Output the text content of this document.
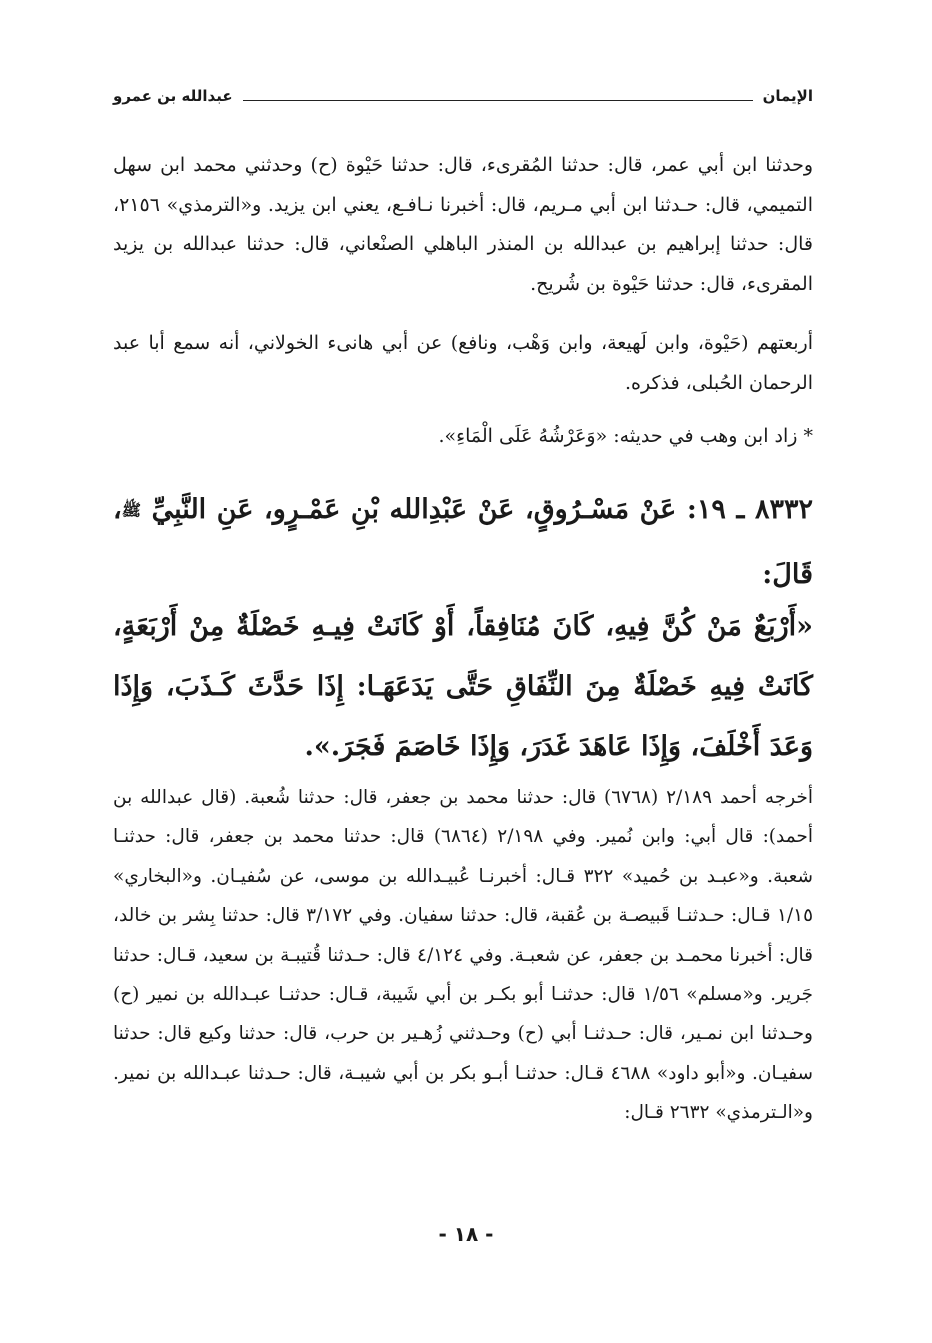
الإيمان
عبدالله بن عمرو

وحدثنا ابن أبي عمر، قال: حدثنا المُقرىء، قال: حدثنا حَيْوة (ح) وحدثني محمد ابن سهل التميمي، قال: حـدثنا ابن أبي مـريم، قال: أخبرنا نـافـع، يعني ابن يزيد. و«الترمذي» ٢١٥٦، قال: حدثنا إبراهيم بن عبدالله بن المنذر الباهلي الصنْعاني، قال: حدثنا عبدالله بن يزيد المقرىء، قال: حدثنا حَيْوة بن شُريح.

أربعتهم (حَيْوة، وابن لَهيعة، وابن وَهْب، ونافع) عن أبي هانىء الخولاني، أنه سمع أبا عبد الرحمان الحُبلى، فذكره.

* زاد ابن وهب في حديثه: «وَعَرْشُهُ عَلَى الْمَاءِ».

٨٣٣٢ ـ ١٩: عَنْ مَسْـرُوقٍ، عَنْ عَبْدِالله بْنِ عَمْـرٍو، عَنِ النَّبِيِّ ﷺ، قَالَ:

«أَرْبَعٌ مَنْ كُنَّ فِيهِ، كَانَ مُنَافِقاً، أَوْ كَانَتْ فِيـهِ خَصْلَةٌ مِنْ أَرْبَعَةٍ، كَانَتْ فِيهِ خَصْلَةٌ مِنَ النِّفَاقِ حَتَّى يَدَعَهَـا: إِذَا حَدَّثَ كَـذَبَ، وَإِذَا وَعَدَ أَخْلَفَ، وَإِذَا عَاهَدَ غَدَرَ، وَإِذَا خَاصَمَ فَجَرَ.».

أخرجه أحمد ٢/١٨٩ (٦٧٦٨) قال: حدثنا محمد بن جعفر، قال: حدثنا شُعبة. (قال عبدالله بن أحمد): قال أبي: وابن نُمير. وفي ٢/١٩٨ (٦٨٦٤) قال: حدثنا محمد بن جعفر، قال: حدثنـا شعبة. و«عبـد بن حُميد» ٣٢٢ قـال: أخبرنـا عُبيـدالله بن موسى، عن سُفيـان. و«البخاري» ١/١٥ قـال: حـدثنـا قَبيصـة بن عُقبة، قال: حدثنا سفيان. وفي ٣/١٧٢ قال: حدثنا بِشر بن خالد، قال: أخبرنا محمـد بن جعفر، عن شعبـة. وفي ٤/١٢٤ قال: حـدثنا قُتيبـة بن سعيد، قـال: حدثنا جَرير. و«مسلم» ١/٥٦ قال: حدثنـا أبو بكـر بن أبي شَيبة، قـال: حدثنـا عبـدالله بن نمير (ح) وحـدثنا ابن نمـير، قال: حـدثنـا أبي (ح) وحـدثني زُهـير بن حرب، قال: حدثنا وكيع قال: حدثنا سفيـان. و«أبو داود» ٤٦٨٨ قـال: حدثنـا أبـو بكر بن أبي شيبـة، قال: حـدثنا عبـدالله بن نمير. و«الـترمذي» ٢٦٣٢ قـال:

- ١٨ -
